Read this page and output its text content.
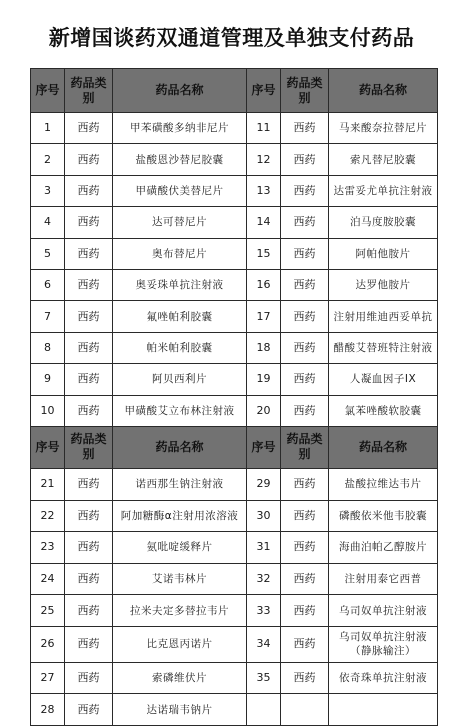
新增国谈药双通道管理及单独支付药品
序号	药品类别	药品名称	序号	药品类别	药品名称
1	西药	甲苯磺酸多纳非尼片	11	西药	马来酸奈拉替尼片
2	西药	盐酸恩沙替尼胶囊	12	西药	索凡替尼胶囊
3	西药	甲磺酸伏美替尼片	13	西药	达雷妥尤单抗注射液
4	西药	达可替尼片	14	西药	泊马度胺胶囊
5	西药	奥布替尼片	15	西药	阿帕他胺片
6	西药	奥妥珠单抗注射液	16	西药	达罗他胺片
7	西药	氟唑帕利胶囊	17	西药	注射用维迪西妥单抗
8	西药	帕米帕利胶囊	18	西药	醋酸艾替班特注射液
9	西药	阿贝西利片	19	西药	人凝血因子IX
10	西药	甲磺酸艾立布林注射液	20	西药	氯苯唑酸软胶囊
序号	药品类别	药品名称	序号	药品类别	药品名称
21	西药	诺西那生钠注射液	29	西药	盐酸拉维达韦片
22	西药	阿加糖酶α注射用浓溶液	30	西药	磷酸依米他韦胶囊
23	西药	氨吡啶缓释片	31	西药	海曲泊帕乙醇胺片
24	西药	艾诺韦林片	32	西药	注射用泰它西普
25	西药	拉米夫定多替拉韦片	33	西药	乌司奴单抗注射液
26	西药	比克恩丙诺片	34	西药	乌司奴单抗注射液（静脉输注）
27	西药	索磷维伏片	35	西药	依奇珠单抗注射液
28	西药	达诺瑞韦钠片			
